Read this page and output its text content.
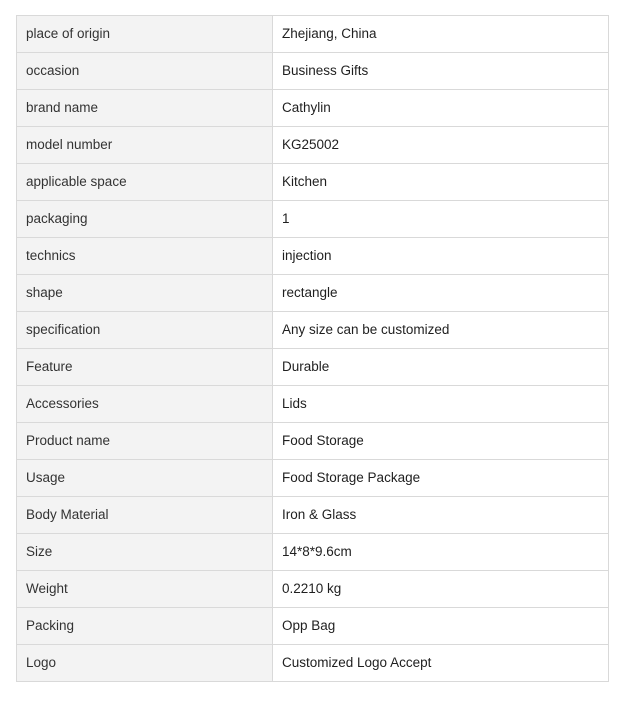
place of origin	Zhejiang, China
occasion	Business Gifts
brand name	Cathylin
model number	KG25002
applicable space	Kitchen
packaging	1
technics	injection
shape	rectangle
specification	Any size can be customized
Feature	Durable
Accessories	Lids
Product name	Food Storage
Usage	Food Storage Package
Body Material	Iron & Glass
Size	14*8*9.6cm
Weight	0.2210 kg
Packing	Opp Bag
Logo	Customized Logo Accept
